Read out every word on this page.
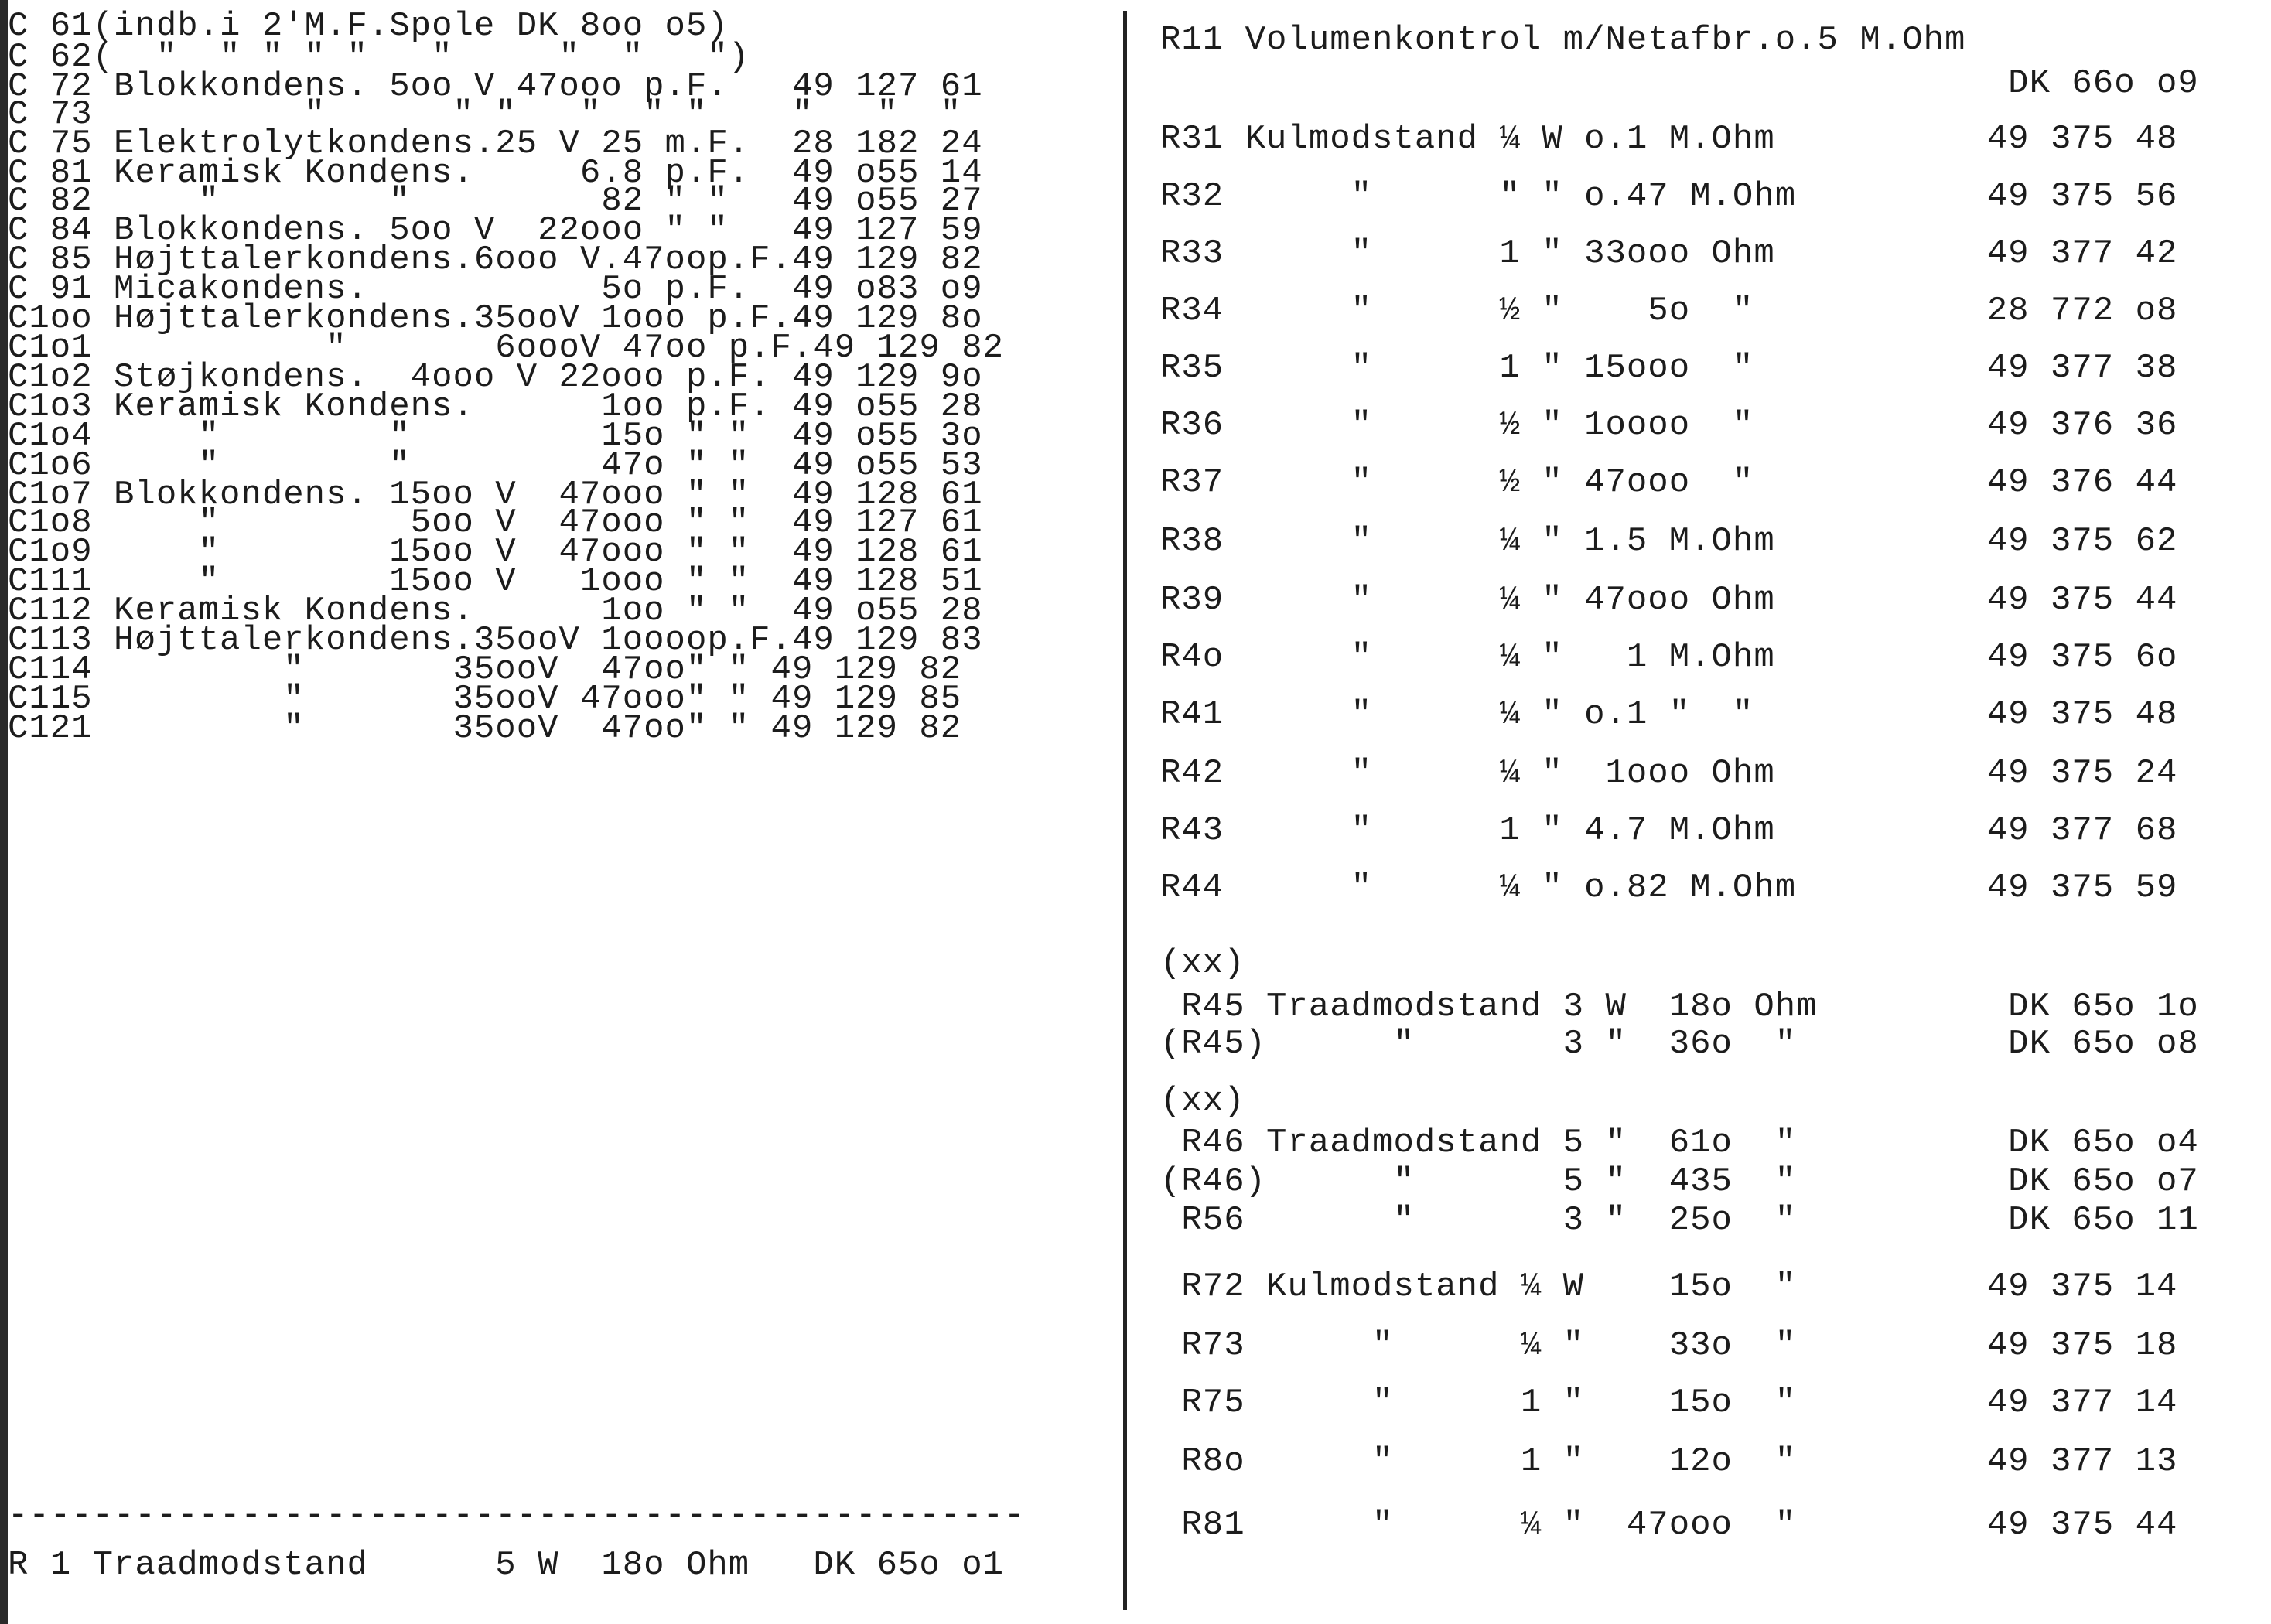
C 61(indb.i 2'M.F.Spole DK 8oo o5)
C 62(  "  " " " "   "     "  "   ")
C 72 Blokkondens. 5oo V 47ooo p.F.   49 127 61
C 73          "      " "   "  " "    "   "  "
C 75 Elektrolytkondens.25 V 25 m.F.  28 182 24
C 81 Keramisk Kondens.     6.8 p.F.  49 o55 14
C 82     "        "         82 " "   49 o55 27
C 84 Blokkondens. 5oo V  22ooo " "   49 127 59
C 85 Højttalerkondens.6ooo V.47oop.F.49 129 82
C 91 Micakondens.           5o p.F.  49 o83 o9
C1oo Højttalerkondens.35ooV 1ooo p.F.49 129 8o
C1o1           "       6oooV 47oo p.F.49 129 82
C1o2 Støjkondens.  4ooo V 22ooo p.F. 49 129 9o
C1o3 Keramisk Kondens.      1oo p.F. 49 o55 28
C1o4     "        "         15o " "  49 o55 3o
C1o6     "        "         47o " "  49 o55 53
C1o7 Blokkondens. 15oo V  47ooo " "  49 128 61
C1o8     "         5oo V  47ooo " "  49 127 61
C1o9     "        15oo V  47ooo " "  49 128 61
C111     "        15oo V   1ooo " "  49 128 51
C112 Keramisk Kondens.      1oo " "  49 o55 28
C113 Højttalerkondens.35ooV 1oooop.F.49 129 83
C114         "       35ooV  47oo" " 49 129 82
C115         "       35ooV 47ooo" " 49 129 85
C121         "       35ooV  47oo" " 49 129 82
------------------------------------------------
R 1 Traadmodstand      5 W  18o Ohm   DK 65o o1
R11 Volumenkontrol m/Netafbr.o.5 M.Ohm
DK 66o o9
R31 Kulmodstand ¼ W o.1 M.Ohm          49 375 48
R32      "      " " o.47 M.Ohm         49 375 56
R33      "      1 " 33ooo Ohm          49 377 42
R34      "      ½ "    5o  "           28 772 o8
R35      "      1 " 15ooo  "           49 377 38
R36      "      ½ " 1oooo  "           49 376 36
R37      "      ½ " 47ooo  "           49 376 44
R38      "      ¼ " 1.5 M.Ohm          49 375 62
R39      "      ¼ " 47ooo Ohm          49 375 44
R4o      "      ¼ "   1 M.Ohm          49 375 6o
R41      "      ¼ " o.1 "  "           49 375 48
R42      "      ¼ "  1ooo Ohm          49 375 24
R43      "      1 " 4.7 M.Ohm          49 377 68
R44      "      ¼ " o.82 M.Ohm         49 375 59
(xx)
R45 Traadmodstand 3 W  18o Ohm         DK 65o 1o
(R45)      "       3 "  36o  "          DK 65o o8
(xx)
R46 Traadmodstand 5 "  61o  "          DK 65o o4
(R46)      "       5 "  435  "          DK 65o o7
R56       "       3 "  25o  "          DK 65o 11
R72 Kulmodstand ¼ W    15o  "         49 375 14
R73      "      ¼ "    33o  "         49 375 18
R75      "      1 "    15o  "         49 377 14
R8o      "      1 "    12o  "         49 377 13
R81      "      ¼ "  47ooo  "         49 375 44
